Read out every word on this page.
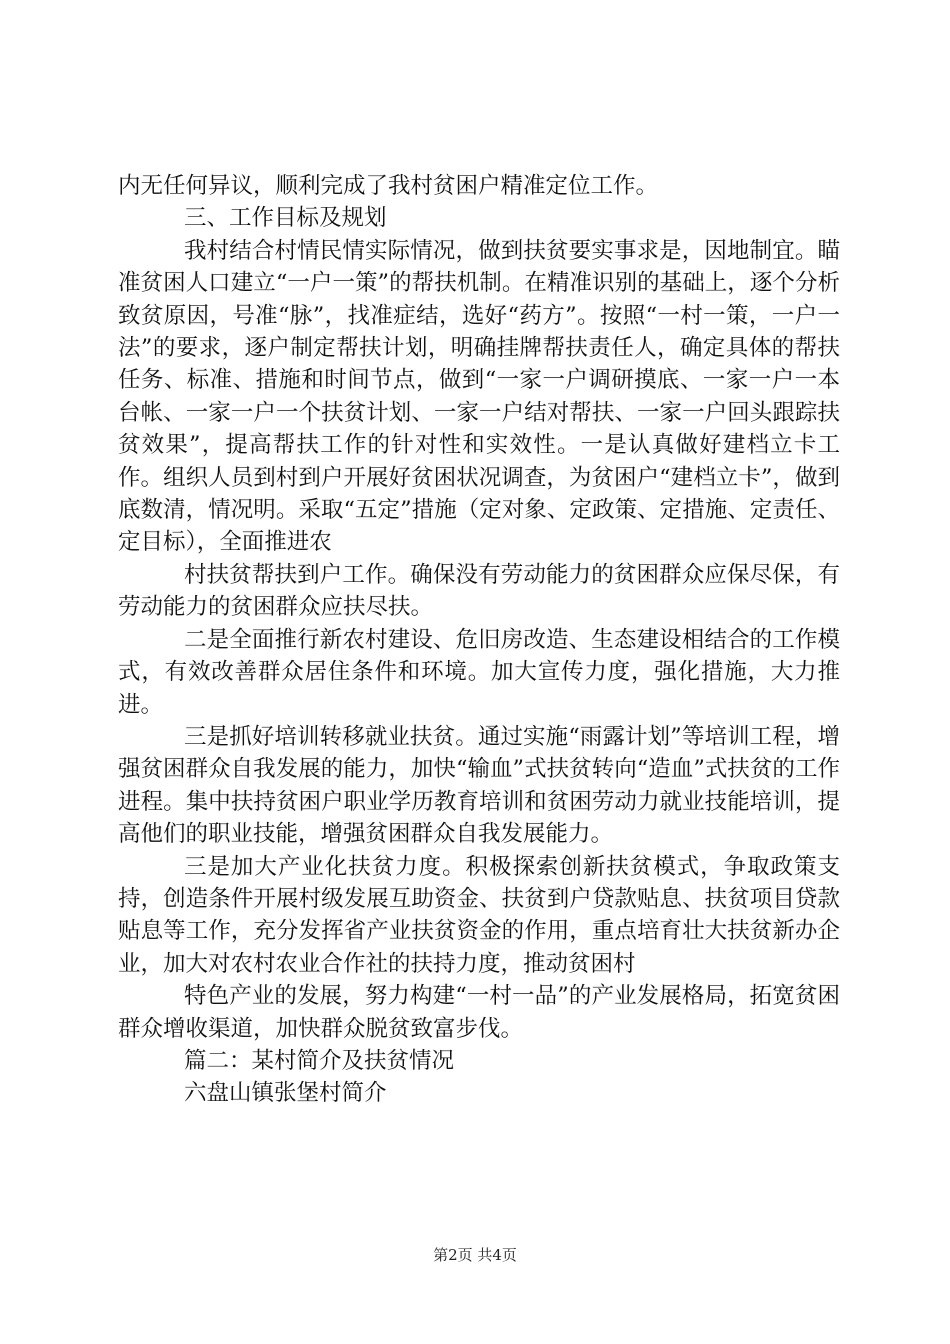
内无任何异议，顺利完成了我村贫困户精准定位工作。

三、工作目标及规划

我村结合村情民情实际情况，做到扶贫要实事求是，因地制宜。瞄准贫困人口建立“一户一策”的帮扶机制。在精准识别的基础上，逐个分析致贫原因，号准“脉”，找准症结，选好“药方”。按照“一村一策，一户一法”的要求，逐户制定帮扶计划，明确挂牌帮扶责任人，确定具体的帮扶任务、标准、措施和时间节点，做到“一家一户调研摸底、一家一户一本台帐、一家一户一个扶贫计划、一家一户结对帮扶、一家一户回头跟踪扶贫效果”，提高帮扶工作的针对性和实效性。一是认真做好建档立卡工作。组织人员到村到户开展好贫困状况调查，为贫困户“建档立卡”，做到底数清，情况明。采取“五定”措施（定对象、定政策、定措施、定责任、定目标），全面推进农

村扶贫帮扶到户工作。确保没有劳动能力的贫困群众应保尽保，有劳动能力的贫困群众应扶尽扶。

二是全面推行新农村建设、危旧房改造、生态建设相结合的工作模式，有效改善群众居住条件和环境。加大宣传力度，强化措施，大力推进。

三是抓好培训转移就业扶贫。通过实施“雨露计划”等培训工程，增强贫困群众自我发展的能力，加快“输血”式扶贫转向“造血”式扶贫的工作进程。集中扶持贫困户职业学历教育培训和贫困劳动力就业技能培训，提高他们的职业技能，增强贫困群众自我发展能力。

三是加大产业化扶贫力度。积极探索创新扶贫模式，争取政策支持，创造条件开展村级发展互助资金、扶贫到户贷款贴息、扶贫项目贷款贴息等工作，充分发挥省产业扶贫资金的作用，重点培育壮大扶贫新办企业，加大对农村农业合作社的扶持力度，推动贫困村

特色产业的发展，努力构建“一村一品”的产业发展格局，拓宽贫困群众增收渠道，加快群众脱贫致富步伐。

篇二：某村简介及扶贫情况

六盘山镇张堡村简介

第2页 共4页
